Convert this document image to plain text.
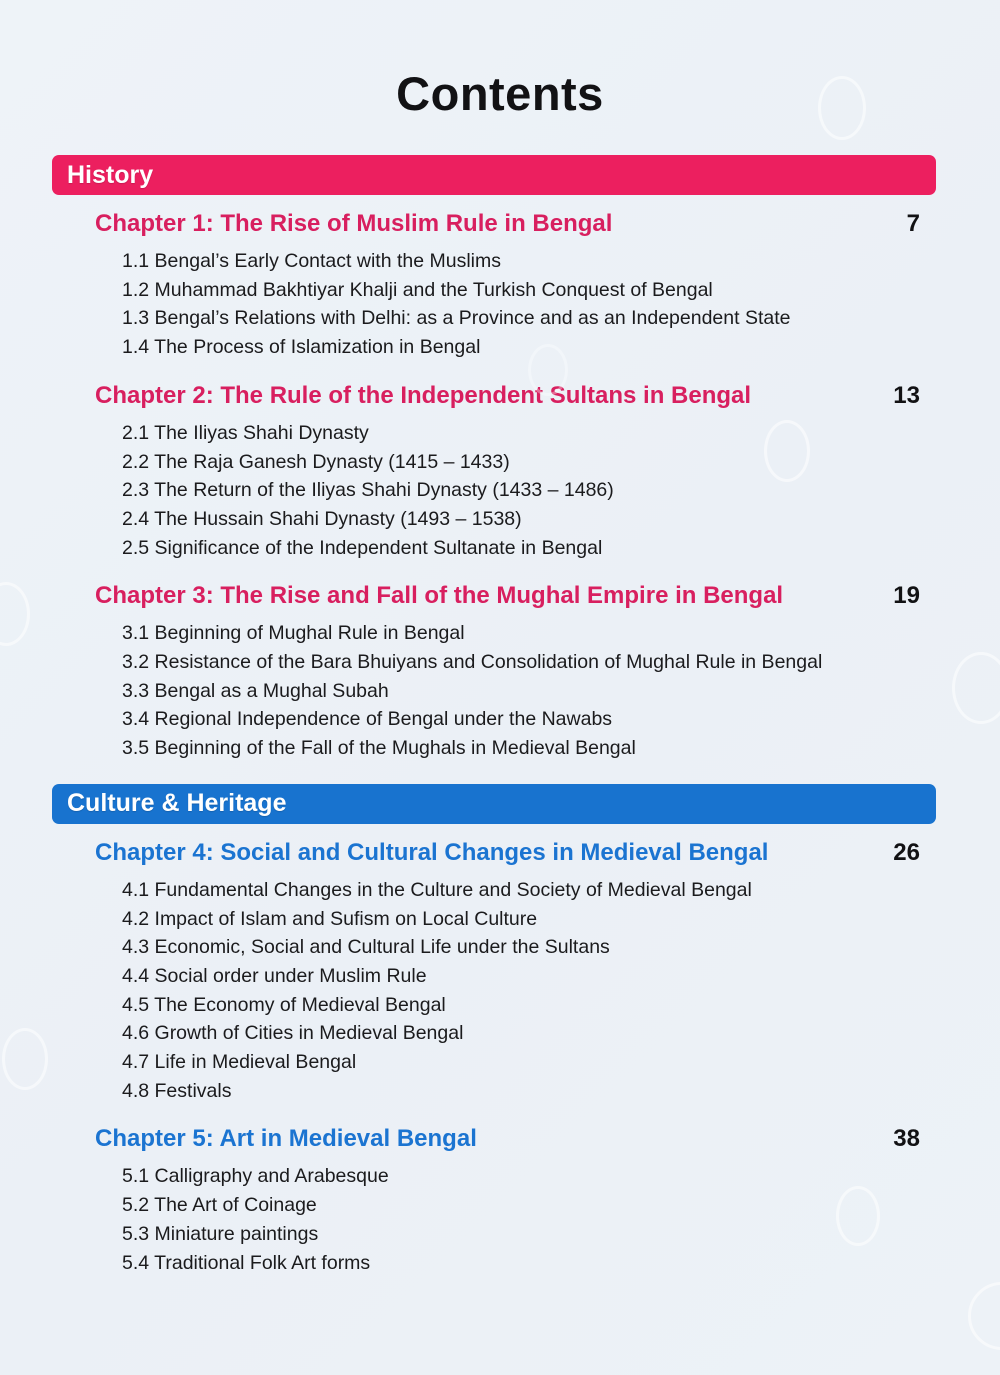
Contents
History
Chapter 1: The Rise of Muslim Rule in Bengal	7
1.1 Bengal’s Early Contact with the Muslims
1.2 Muhammad Bakhtiyar Khalji and the Turkish Conquest of Bengal
1.3 Bengal’s Relations with Delhi: as a Province and as an Independent State
1.4 The Process of Islamization in Bengal
Chapter 2: The Rule of the Independent Sultans in Bengal	13
2.1 The Iliyas Shahi Dynasty
2.2 The Raja Ganesh Dynasty (1415 – 1433)
2.3 The Return of the Iliyas Shahi Dynasty (1433 – 1486)
2.4 The Hussain Shahi Dynasty (1493 – 1538)
2.5 Significance of the Independent Sultanate in Bengal
Chapter 3: The Rise and Fall of the Mughal Empire in Bengal	19
3.1 Beginning of Mughal Rule in Bengal
3.2 Resistance of the Bara Bhuiyans and Consolidation of Mughal Rule in Bengal
3.3 Bengal as a Mughal Subah
3.4 Regional Independence of Bengal under the Nawabs
3.5 Beginning of the Fall of the Mughals in Medieval Bengal
Culture & Heritage
Chapter 4: Social and Cultural Changes in Medieval Bengal	26
4.1 Fundamental Changes in the Culture and Society of Medieval Bengal
4.2 Impact of Islam and Sufism on Local Culture
4.3 Economic, Social and Cultural Life under the Sultans
4.4 Social order under Muslim Rule
4.5 The Economy of Medieval Bengal
4.6 Growth of Cities in Medieval Bengal
4.7 Life in Medieval Bengal
4.8 Festivals
Chapter 5: Art in Medieval Bengal	38
5.1 Calligraphy and Arabesque
5.2 The Art of Coinage
5.3 Miniature paintings
5.4 Traditional Folk Art forms
